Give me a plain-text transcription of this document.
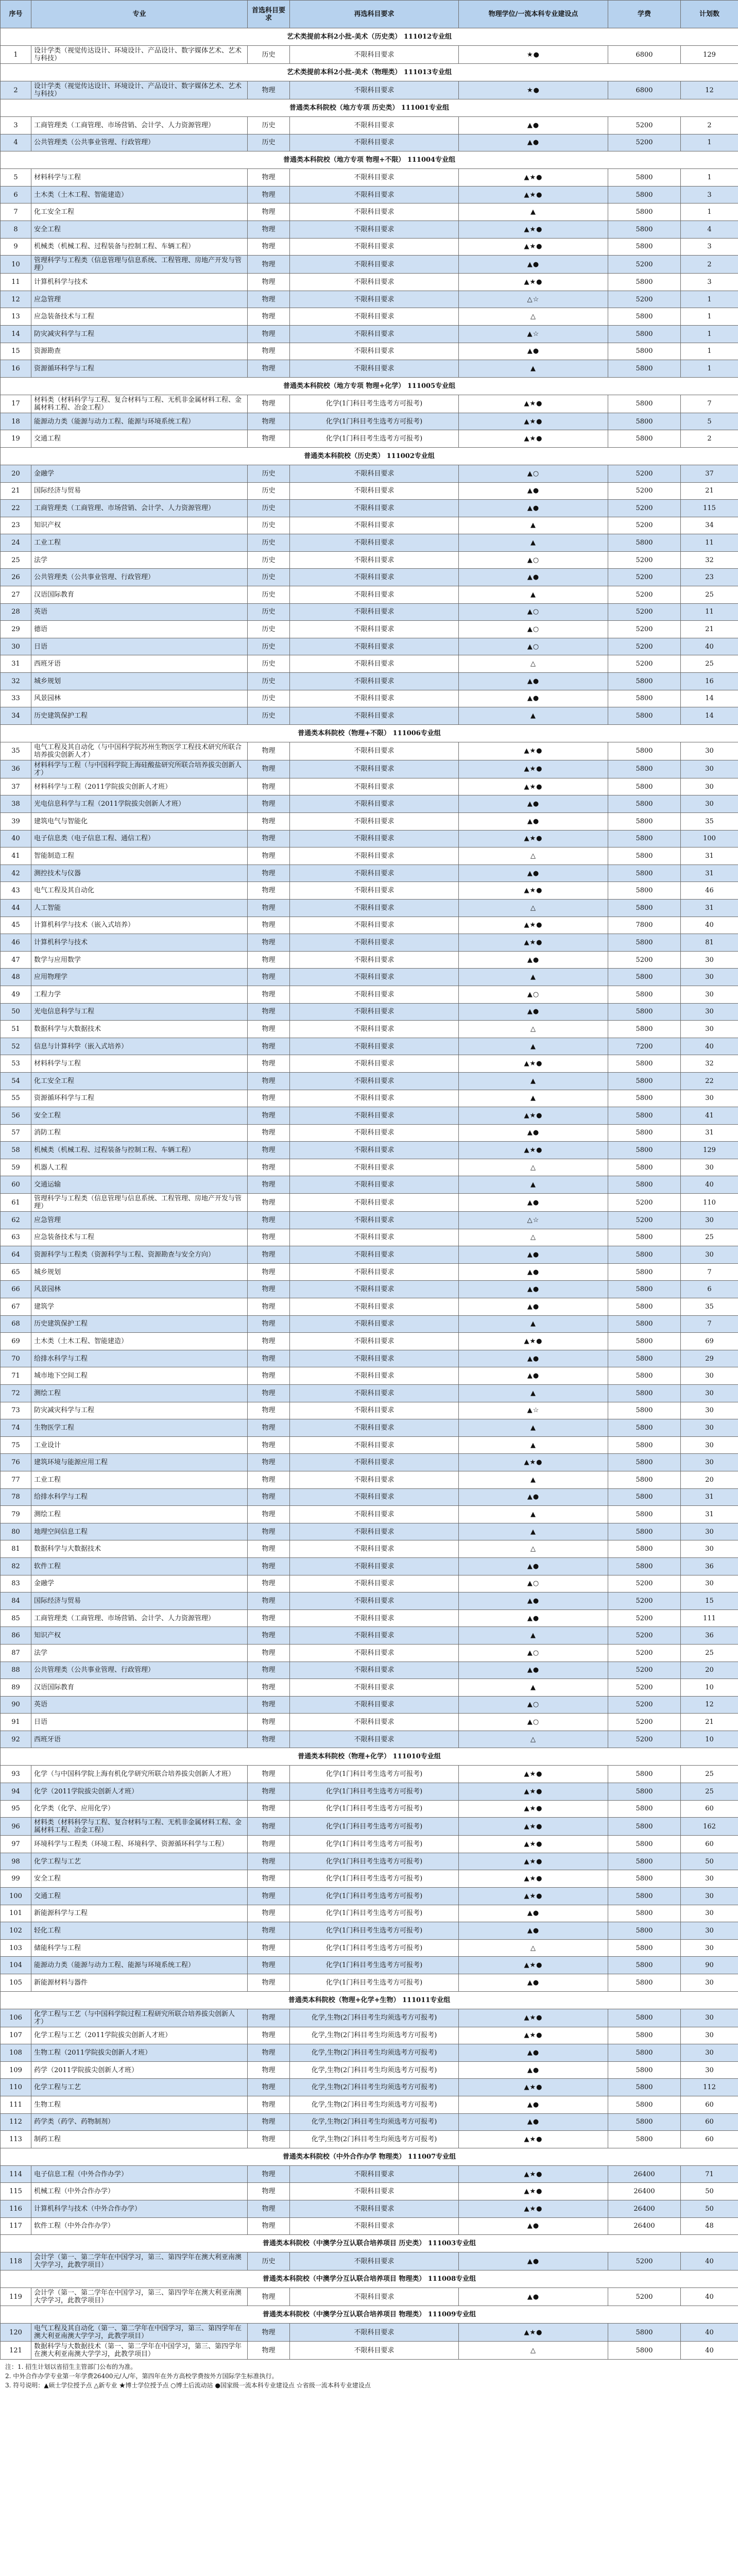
序号	专业	首选科目要求	再选科目要求	物理学位/一流本科专业建设点	学费	计划数
艺术类提前本科2小批-美术（历史类） 111012专业组						
1	设计学类（视觉传达设计、环境设计、产品设计、数字媒体艺术、艺术与科技）	历史	不限科目要求	★●	6800	129
艺术类提前本科2小批-美术（物理类） 111013专业组						
2	设计学类（视觉传达设计、环境设计、产品设计、数字媒体艺术、艺术与科技）	物理	不限科目要求	★●	6800	12
普通类本科院校（地方专项 历史类） 111001专业组						
3	工商管理类（工商管理、市场营销、会计学、人力资源管理）	历史	不限科目要求	▲●	5200	2
4	公共管理类（公共事业管理、行政管理）	历史	不限科目要求	▲●	5200	1
普通类本科院校（地方专项 物理+不限） 111004专业组						
5	材料科学与工程	物理	不限科目要求	▲★●	5800	1
6	土木类（土木工程、智能建造）	物理	不限科目要求	▲★●	5800	3
7	化工安全工程	物理	不限科目要求	▲	5800	1
8	安全工程	物理	不限科目要求	▲★●	5800	4
9	机械类（机械工程、过程装备与控制工程、车辆工程）	物理	不限科目要求	▲★●	5800	3
10	管理科学与工程类（信息管理与信息系统、工程管理、房地产开发与管理）	物理	不限科目要求	▲●	5200	2
11	计算机科学与技术	物理	不限科目要求	▲★●	5800	3
12	应急管理	物理	不限科目要求	△☆	5200	1
13	应急装备技术与工程	物理	不限科目要求	△	5800	1
14	防灾减灾科学与工程	物理	不限科目要求	▲☆	5800	1
15	资源勘查	物理	不限科目要求	▲●	5800	1
16	资源循环科学与工程	物理	不限科目要求	▲	5800	1
普通类本科院校（地方专项 物理+化学） 111005专业组						
17	材料类（材料科学与工程、复合材料与工程、无机非金属材料工程、金属材料工程、冶金工程）	物理	化学(1门科目考生选考方可报考)	▲★●	5800	7
18	能源动力类（能源与动力工程、能源与环境系统工程）	物理	化学(1门科目考生选考方可报考)	▲★●	5800	5
19	交通工程	物理	化学(1门科目考生选考方可报考)	▲★●	5800	2
普通类本科院校（历史类） 111002专业组						
20	金融学	历史	不限科目要求	▲○	5200	37
21	国际经济与贸易	历史	不限科目要求	▲●	5200	21
22	工商管理类（工商管理、市场营销、会计学、人力资源管理）	历史	不限科目要求	▲●	5200	115
23	知识产权	历史	不限科目要求	▲	5200	34
24	工业工程	历史	不限科目要求	▲	5800	11
25	法学	历史	不限科目要求	▲○	5200	32
26	公共管理类（公共事业管理、行政管理）	历史	不限科目要求	▲●	5200	23
27	汉语国际教育	历史	不限科目要求	▲	5200	25
28	英语	历史	不限科目要求	▲○	5200	11
29	德语	历史	不限科目要求	▲○	5200	21
30	日语	历史	不限科目要求	▲○	5200	40
31	西班牙语	历史	不限科目要求	△	5200	25
32	城乡规划	历史	不限科目要求	▲●	5800	16
33	风景园林	历史	不限科目要求	▲●	5800	14
34	历史建筑保护工程	历史	不限科目要求	▲	5800	14
普通类本科院校（物理+不限） 111006专业组						
35	电气工程及其自动化（与中国科学院苏州生物医学工程技术研究所联合培养拔尖创新人才）	物理	不限科目要求	▲★●	5800	30
36	材料科学与工程（与中国科学院上海硅酸盐研究所联合培养拔尖创新人才）	物理	不限科目要求	▲★●	5800	30
37	材料科学与工程（2011学院拔尖创新人才班）	物理	不限科目要求	▲★●	5800	30
38	光电信息科学与工程（2011学院拔尖创新人才班）	物理	不限科目要求	▲●	5800	30
39	建筑电气与智能化	物理	不限科目要求	▲●	5800	35
40	电子信息类（电子信息工程、通信工程）	物理	不限科目要求	▲★●	5800	100
41	智能制造工程	物理	不限科目要求	△	5800	31
42	测控技术与仪器	物理	不限科目要求	▲●	5800	31
43	电气工程及其自动化	物理	不限科目要求	▲★●	5800	46
44	人工智能	物理	不限科目要求	△	5800	31
45	计算机科学与技术（嵌入式培养）	物理	不限科目要求	▲★●	7800	40
46	计算机科学与技术	物理	不限科目要求	▲★●	5800	81
47	数学与应用数学	物理	不限科目要求	▲●	5200	30
48	应用物理学	物理	不限科目要求	▲	5800	30
49	工程力学	物理	不限科目要求	▲○	5800	30
50	光电信息科学与工程	物理	不限科目要求	▲●	5800	30
51	数据科学与大数据技术	物理	不限科目要求	△	5800	30
52	信息与计算科学（嵌入式培养）	物理	不限科目要求	▲	7200	40
53	材料科学与工程	物理	不限科目要求	▲★●	5800	32
54	化工安全工程	物理	不限科目要求	▲	5800	22
55	资源循环科学与工程	物理	不限科目要求	▲	5800	30
56	安全工程	物理	不限科目要求	▲★●	5800	41
57	消防工程	物理	不限科目要求	▲●	5800	31
58	机械类（机械工程、过程装备与控制工程、车辆工程）	物理	不限科目要求	▲★●	5800	129
59	机器人工程	物理	不限科目要求	△	5800	30
60	交通运输	物理	不限科目要求	▲	5800	40
61	管理科学与工程类（信息管理与信息系统、工程管理、房地产开发与管理）	物理	不限科目要求	▲●	5200	110
62	应急管理	物理	不限科目要求	△☆	5200	30
63	应急装备技术与工程	物理	不限科目要求	△	5800	25
64	资源科学与工程类（资源科学与工程、资源勘查与安全方向）	物理	不限科目要求	▲●	5800	30
65	城乡规划	物理	不限科目要求	▲●	5800	7
66	风景园林	物理	不限科目要求	▲●	5800	6
67	建筑学	物理	不限科目要求	▲●	5800	35
68	历史建筑保护工程	物理	不限科目要求	▲	5800	7
69	土木类（土木工程、智能建造）	物理	不限科目要求	▲★●	5800	69
70	给排水科学与工程	物理	不限科目要求	▲●	5800	29
71	城市地下空间工程	物理	不限科目要求	▲●	5800	30
72	测绘工程	物理	不限科目要求	▲	5800	30
73	防灾减灾科学与工程	物理	不限科目要求	▲☆	5800	30
74	生物医学工程	物理	不限科目要求	▲	5800	30
75	工业设计	物理	不限科目要求	▲	5800	30
76	建筑环境与能源应用工程	物理	不限科目要求	▲★●	5800	30
77	工业工程	物理	不限科目要求	▲	5800	20
78	给排水科学与工程	物理	不限科目要求	▲●	5800	31
79	测绘工程	物理	不限科目要求	▲	5800	31
80	地理空间信息工程	物理	不限科目要求	▲	5800	30
81	数据科学与大数据技术	物理	不限科目要求	△	5800	30
82	软件工程	物理	不限科目要求	▲●	5800	36
83	金融学	物理	不限科目要求	▲○	5200	30
84	国际经济与贸易	物理	不限科目要求	▲●	5200	15
85	工商管理类（工商管理、市场营销、会计学、人力资源管理）	物理	不限科目要求	▲●	5200	111
86	知识产权	物理	不限科目要求	▲	5200	36
87	法学	物理	不限科目要求	▲○	5200	25
88	公共管理类（公共事业管理、行政管理）	物理	不限科目要求	▲●	5200	20
89	汉语国际教育	物理	不限科目要求	▲	5200	10
90	英语	物理	不限科目要求	▲○	5200	12
91	日语	物理	不限科目要求	▲○	5200	21
92	西班牙语	物理	不限科目要求	△	5200	10
普通类本科院校（物理+化学） 111010专业组						
93	化学（与中国科学院上海有机化学研究所联合培养拔尖创新人才班）	物理	化学(1门科目考生选考方可报考)	▲★●	5800	25
94	化学（2011学院拔尖创新人才班）	物理	化学(1门科目考生选考方可报考)	▲★●	5800	25
95	化学类（化学、应用化学）	物理	化学(1门科目考生选考方可报考)	▲★●	5800	60
96	材料类（材料科学与工程、复合材料与工程、无机非金属材料工程、金属材料工程、冶金工程）	物理	化学(1门科目考生选考方可报考)	▲★●	5800	162
97	环境科学与工程类（环境工程、环境科学、资源循环科学与工程）	物理	化学(1门科目考生选考方可报考)	▲★●	5800	60
98	化学工程与工艺	物理	化学(1门科目考生选考方可报考)	▲★●	5800	50
99	安全工程	物理	化学(1门科目考生选考方可报考)	▲★●	5800	30
100	交通工程	物理	化学(1门科目考生选考方可报考)	▲★●	5800	30
101	新能源科学与工程	物理	化学(1门科目考生选考方可报考)	▲●	5800	30
102	轻化工程	物理	化学(1门科目考生选考方可报考)	▲●	5800	30
103	储能科学与工程	物理	化学(1门科目考生选考方可报考)	△	5800	30
104	能源动力类（能源与动力工程、能源与环境系统工程）	物理	化学(1门科目考生选考方可报考)	▲★●	5800	90
105	新能源材料与器件	物理	化学(1门科目考生选考方可报考)	▲●	5800	30
普通类本科院校（物理+化学+生物） 111011专业组						
106	化学工程与工艺（与中国科学院过程工程研究所联合培养拔尖创新人才）	物理	化学,生物(2门科目考生均须选考方可报考)	▲★●	5800	30
107	化学工程与工艺（2011学院拔尖创新人才班）	物理	化学,生物(2门科目考生均须选考方可报考)	▲★●	5800	30
108	生物工程（2011学院拔尖创新人才班）	物理	化学,生物(2门科目考生均须选考方可报考)	▲●	5800	30
109	药学（2011学院拔尖创新人才班）	物理	化学,生物(2门科目考生均须选考方可报考)	▲●	5800	30
110	化学工程与工艺	物理	化学,生物(2门科目考生均须选考方可报考)	▲★●	5800	112
111	生物工程	物理	化学,生物(2门科目考生均须选考方可报考)	▲●	5800	60
112	药学类（药学、药物制剂）	物理	化学,生物(2门科目考生均须选考方可报考)	▲●	5800	60
113	制药工程	物理	化学,生物(2门科目考生均须选考方可报考)	▲★●	5800	60
普通类本科院校（中外合作办学 物理类） 111007专业组						
114	电子信息工程（中外合作办学）	物理	不限科目要求	▲★●	26400	71
115	机械工程（中外合作办学）	物理	不限科目要求	▲★●	26400	50
116	计算机科学与技术（中外合作办学）	物理	不限科目要求	▲★●	26400	50
117	软件工程（中外合作办学）	物理	不限科目要求	▲●	26400	48
普通类本科院校（中澳学分互认联合培养项目 历史类） 111003专业组						
118	会计学（第一、第二学年在中国学习，第三、第四学年在澳大利亚南澳大学学习，此教学项目）	历史	不限科目要求	▲●	5200	40
普通类本科院校（中澳学分互认联合培养项目 物理类） 111008专业组						
119	会计学（第一、第二学年在中国学习，第三、第四学年在澳大利亚南澳大学学习，此教学项目）	物理	不限科目要求	▲●	5200	40
普通类本科院校（中澳学分互认联合培养项目 物理类） 111009专业组						
120	电气工程及其自动化（第一、第二学年在中国学习，第三、第四学年在澳大利亚南澳大学学习，此教学项目）	物理	不限科目要求	▲★●	5800	40
121	数据科学与大数据技术（第一、第二学年在中国学习，第三、第四学年在澳大利亚南澳大学学习，此教学项目）	物理	不限科目要求	△	5800	40

注：1. 招生计划以省招生主管部门公布的为准。

2. 中外合作办学专业第一年学费26400元/人/年，第四年在外方高校学费按外方国际学生标准执行。

3. 符号说明：▲硕士学位授予点 △新专业 ★博士学位授予点 ○博士后流动站 ●国家级一流本科专业建设点 ☆省级一流本科专业建设点
